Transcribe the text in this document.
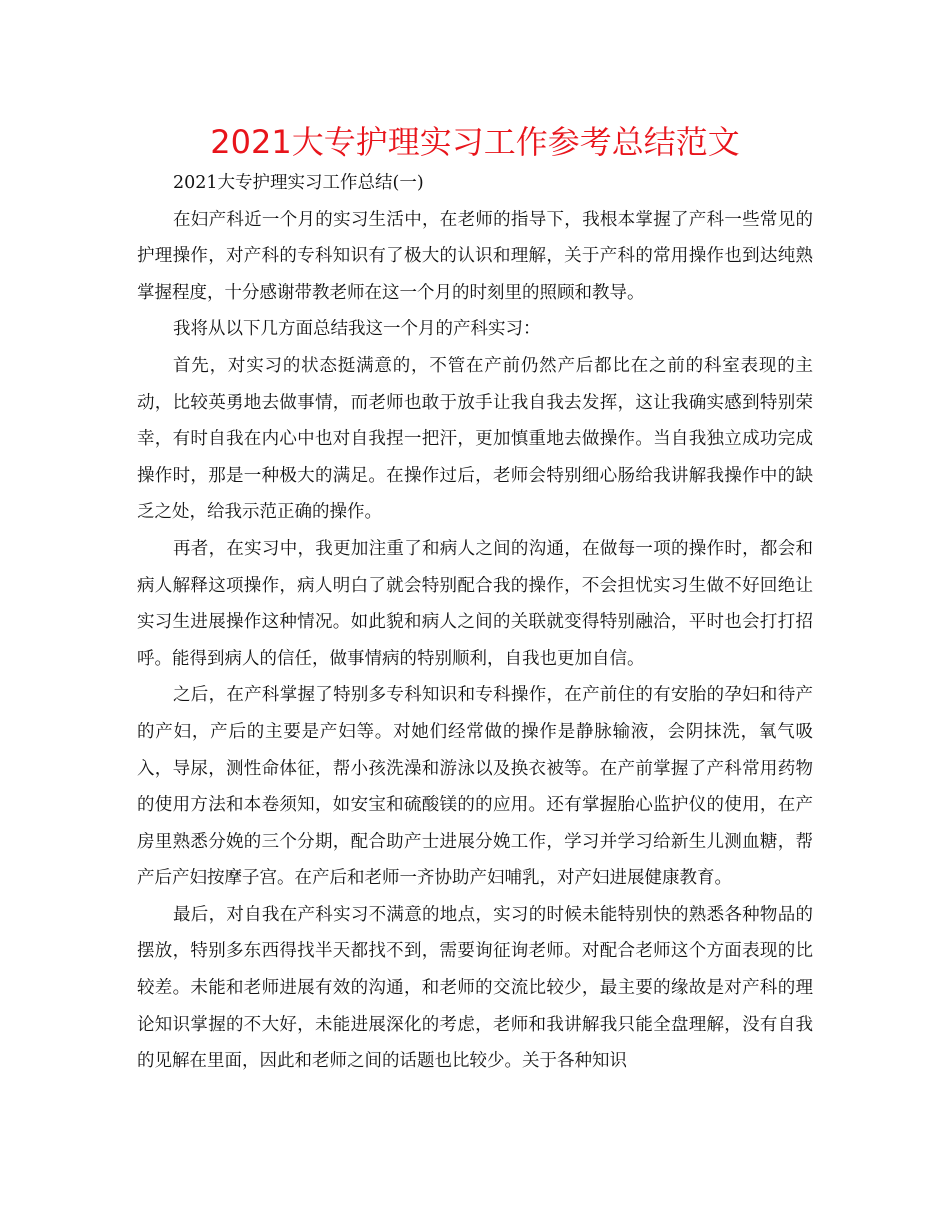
2021大专护理实习工作参考总结范文

2021大专护理实习工作总结(一)

在妇产科近一个月的实习生活中，在老师的指导下，我根本掌握了产科一些常见的护理操作，对产科的专科知识有了极大的认识和理解，关于产科的常用操作也到达纯熟掌握程度，十分感谢带教老师在这一个月的时刻里的照顾和教导。

我将从以下几方面总结我这一个月的产科实习：

首先，对实习的状态挺满意的，不管在产前仍然产后都比在之前的科室表现的主动，比较英勇地去做事情，而老师也敢于放手让我自我去发挥，这让我确实感到特别荣幸，有时自我在内心中也对自我捏一把汗，更加慎重地去做操作。当自我独立成功完成操作时，那是一种极大的满足。在操作过后，老师会特别细心肠给我讲解我操作中的缺乏之处，给我示范正确的操作。

再者，在实习中，我更加注重了和病人之间的沟通，在做每一项的操作时，都会和病人解释这项操作，病人明白了就会特别配合我的操作，不会担忧实习生做不好回绝让实习生进展操作这种情况。如此貌和病人之间的关联就变得特别融洽，平时也会打打招呼。能得到病人的信任，做事情病的特别顺利，自我也更加自信。

之后，在产科掌握了特别多专科知识和专科操作，在产前住的有安胎的孕妇和待产的产妇，产后的主要是产妇等。对她们经常做的操作是静脉输液，会阴抹洗，氧气吸入，导尿，测性命体征，帮小孩洗澡和游泳以及换衣被等。在产前掌握了产科常用药物的使用方法和本卷须知，如安宝和硫酸镁的的应用。还有掌握胎心监护仪的使用，在产房里熟悉分娩的三个分期，配合助产士进展分娩工作，学习并学习给新生儿测血糖，帮产后产妇按摩子宫。在产后和老师一齐协助产妇哺乳，对产妇进展健康教育。

最后，对自我在产科实习不满意的地点，实习的时候未能特别快的熟悉各种物品的摆放，特别多东西得找半天都找不到，需要询征询老师。对配合老师这个方面表现的比较差。未能和老师进展有效的沟通，和老师的交流比较少，最主要的缘故是对产科的理论知识掌握的不大好，未能进展深化的考虑，老师和我讲解我只能全盘理解，没有自我的见解在里面，因此和老师之间的话题也比较少。关于各种知识
